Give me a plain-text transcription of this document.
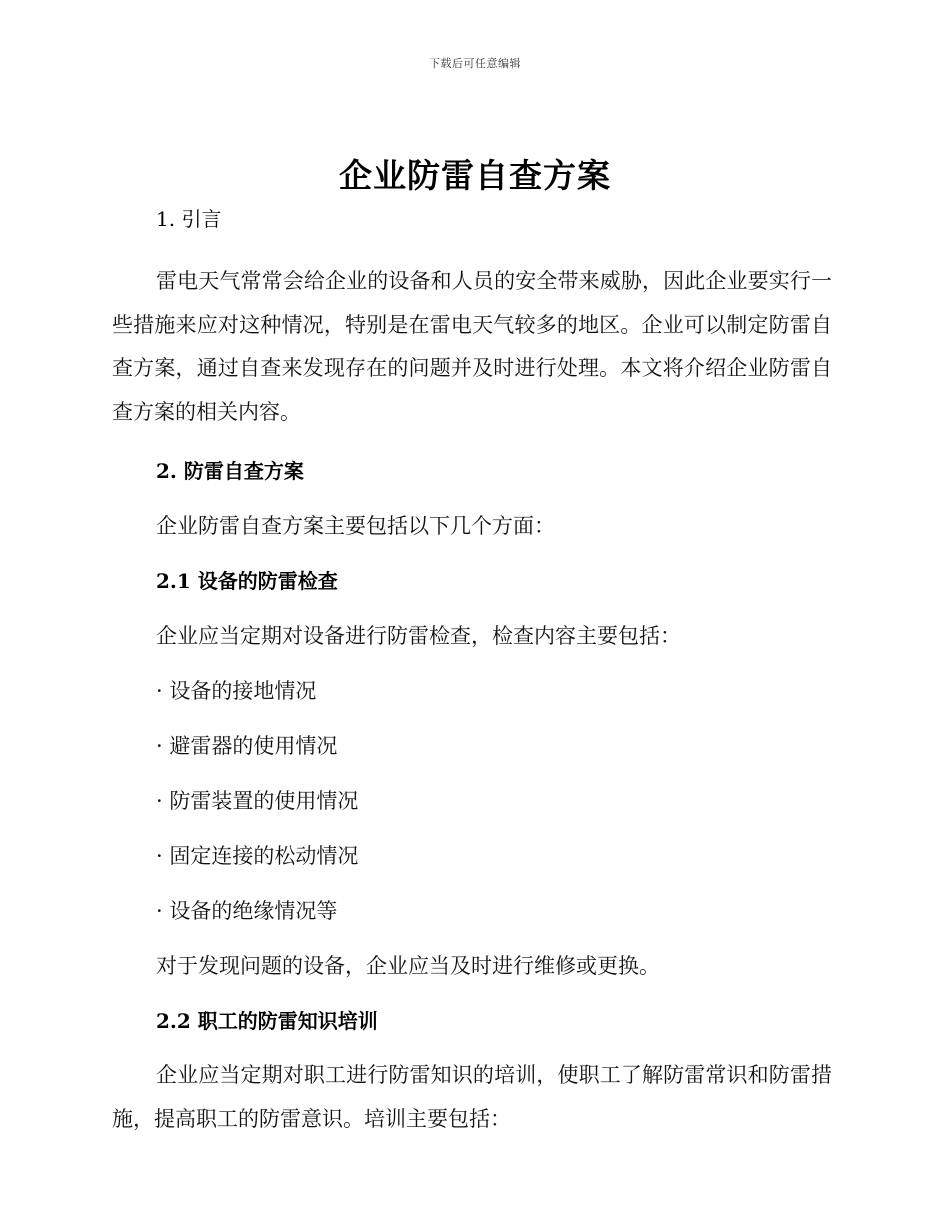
下载后可任意编辑
企业防雷自查方案

1. 引言

雷电天气常常会给企业的设备和人员的安全带来威胁，因此企业要实行一些措施来应对这种情况，特别是在雷电天气较多的地区。企业可以制定防雷自查方案，通过自查来发现存在的问题并及时进行处理。本文将介绍企业防雷自查方案的相关内容。

2. 防雷自查方案

企业防雷自查方案主要包括以下几个方面：

2.1 设备的防雷检查

企业应当定期对设备进行防雷检查，检查内容主要包括：

· 设备的接地情况

· 避雷器的使用情况

· 防雷装置的使用情况

· 固定连接的松动情况

· 设备的绝缘情况等

对于发现问题的设备，企业应当及时进行维修或更换。

2.2 职工的防雷知识培训

企业应当定期对职工进行防雷知识的培训，使职工了解防雷常识和防雷措施，提高职工的防雷意识。培训主要包括：
